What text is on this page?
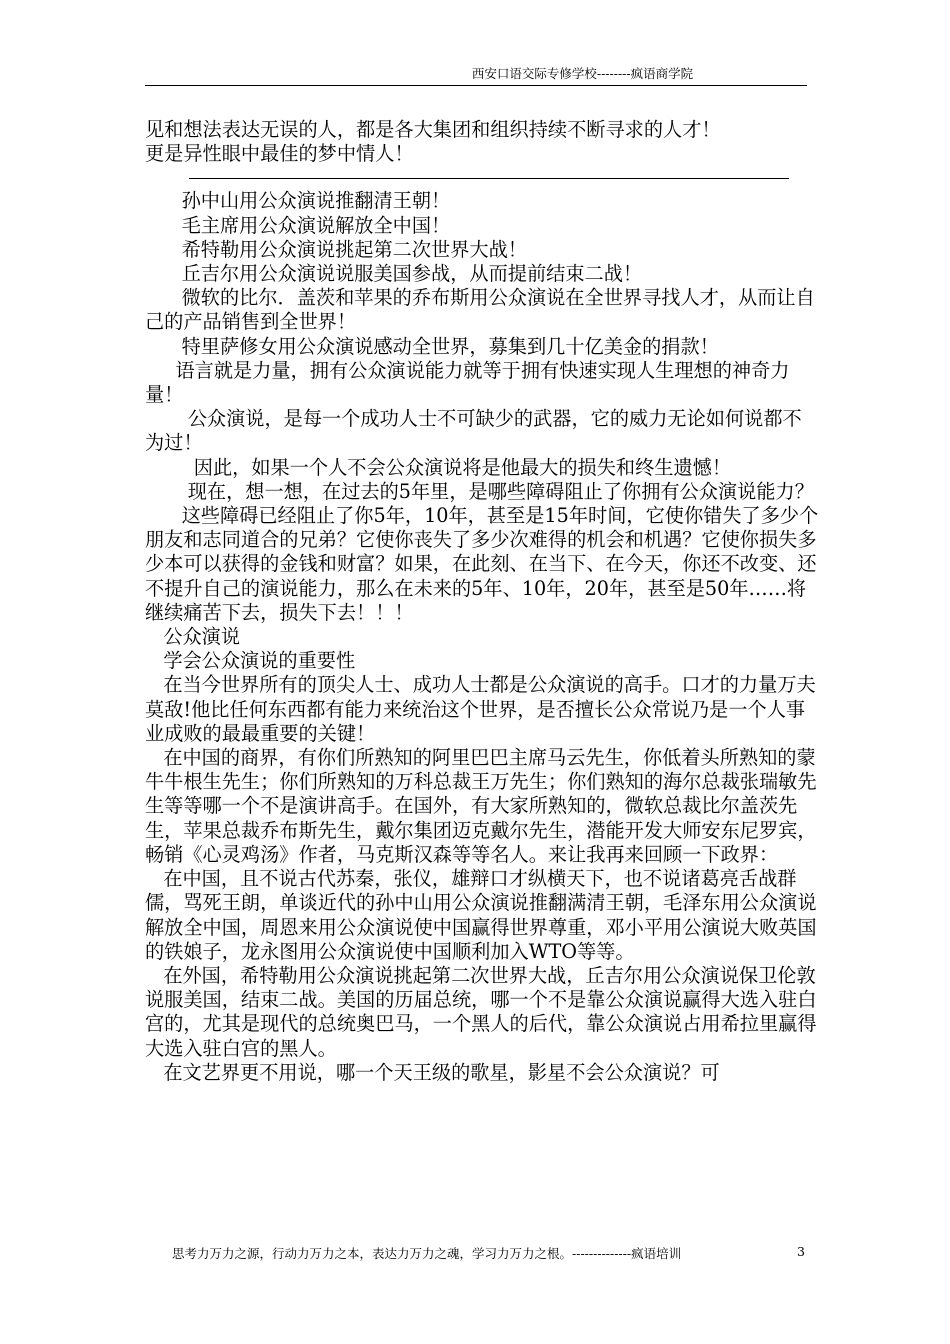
西安口语交际专修学校--------疯语商学院

见和想法表达无误的人，都是各大集团和组织持续不断寻求的人才！

更是异性眼中最佳的梦中情人！

孙中山用公众演说推翻清王朝！

毛主席用公众演说解放全中国！

希特勒用公众演说挑起第二次世界大战！

丘吉尔用公众演说说服美国参战，从而提前结束二战！

微软的比尔．盖茨和苹果的乔布斯用公众演说在全世界寻找人才，从而让自己的产品销售到全世界！

特里萨修女用公众演说感动全世界，募集到几十亿美金的捐款！

语言就是力量，拥有公众演说能力就等于拥有快速实现人生理想的神奇力量！

公众演说，是每一个成功人士不可缺少的武器，它的威力无论如何说都不为过！

因此，如果一个人不会公众演说将是他最大的损失和终生遗憾！

现在，想一想，在过去的5年里，是哪些障碍阻止了你拥有公众演说能力？

这些障碍已经阻止了你5年，10年，甚至是15年时间，它使你错失了多少个朋友和志同道合的兄弟？它使你丧失了多少次难得的机会和机遇？它使你损失多少本可以获得的金钱和财富？如果，在此刻、在当下、在今天，你还不改变、还不提升自己的演说能力，那么在未来的5年、10年，20年，甚至是50年……将继续痛苦下去，损失下去！！！

公众演说

学会公众演说的重要性

在当今世界所有的顶尖人士、成功人士都是公众演说的高手。口才的力量万夫莫敌!他比任何东西都有能力来统治这个世界，是否擅长公众常说乃是一个人事业成败的最最重要的关键！

在中国的商界，有你们所熟知的阿里巴巴主席马云先生，你低着头所熟知的蒙牛牛根生先生；你们所熟知的万科总裁王万先生；你们熟知的海尔总裁张瑞敏先生等等哪一个不是演讲高手。在国外，有大家所熟知的，微软总裁比尔盖茨先生，苹果总裁乔布斯先生，戴尔集团迈克戴尔先生，潜能开发大师安东尼罗宾，畅销《心灵鸡汤》作者，马克斯汉森等等名人。来让我再来回顾一下政界：

在中国，且不说古代苏秦，张仪，雄辩口才纵横天下，也不说诸葛亮舌战群儒，骂死王朗，单谈近代的孙中山用公众演说推翻满清王朝，毛泽东用公众演说解放全中国，周恩来用公众演说使中国赢得世界尊重，邓小平用公演说大败英国的铁娘子，龙永图用公众演说使中国顺利加入WTO等等。

在外国，希特勒用公众演说挑起第二次世界大战，丘吉尔用公众演说保卫伦敦说服美国，结束二战。美国的历届总统，哪一个不是靠公众演说赢得大选入驻白宫的，尤其是现代的总统奥巴马，一个黑人的后代，靠公众演说占用希拉里赢得大选入驻白宫的黑人。

在文艺界更不用说，哪一个天王级的歌星，影星不会公众演说？可

思考力万力之源，行动力万力之本，表达力万力之魂，学习力万力之根。--------------疯语培训	3
